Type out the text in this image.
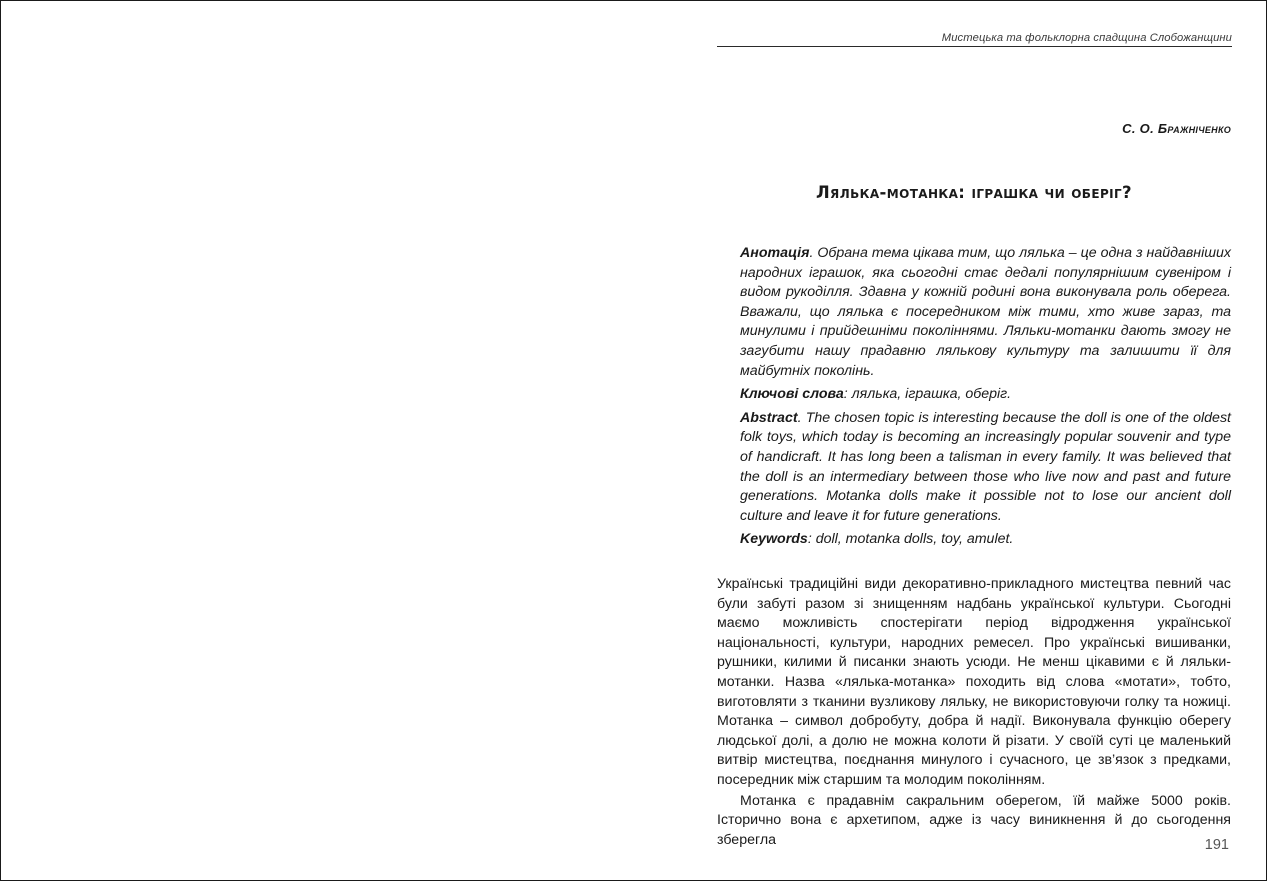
Мистецька та фольклорна спадщина Слобожанщини
С. О. Бражніченко
Лялька-мотанка: іграшка чи оберіг?

Анотація. Обрана тема цікава тим, що лялька – це одна з найдавніших народних іграшок, яка сьогодні стає дедалі популярнішим сувеніром і видом рукоділля. Здавна у кожній родині вона виконувала роль оберега. Вважали, що лялька є посередником між тими, хто живе зараз, та минулими і прийдешніми поколіннями. Ляльки-мотанки дають змогу не загубити нашу прадавню лялькову культуру та залишити її для майбутніх поколінь.

Ключові слова: лялька, іграшка, оберіг.

Abstract. The chosen topic is interesting because the doll is one of the oldest folk toys, which today is becoming an increasingly popular souvenir and type of handicraft. It has long been a talisman in every family. It was believed that the doll is an intermediary between those who live now and past and future generations. Motanka dolls make it possible not to lose our ancient doll culture and leave it for future generations.

Keywords: doll, motanka dolls, toy, amulet.

Українські традиційні види декоративно-прикладного мистецтва певний час були забуті разом зі знищенням надбань української культури. Сьогодні маємо можливість спостерігати період відродження української національності, культури, народних ремесел. Про українські вишиванки, рушники, килими й писанки знають усюди. Не менш цікавими є й ляльки-мотанки. Назва «лялька-мотанка» походить від слова «мотати», тобто, виготовляти з тканини вузликову ляльку, не використовуючи голку та ножиці. Мотанка – символ добробуту, добра й надії. Виконувала функцію оберегу людської долі, а долю не можна колоти й різати. У своїй суті це маленький витвір мистецтва, поєднання минулого і сучасного, це зв’язок з предками, посередник між старшим та молодим поколінням.

Мотанка є прадавнім сакральним оберегом, їй майже 5000 років. Історично вона є архетипом, адже із часу виникнення й до сьогодення зберегла	191
